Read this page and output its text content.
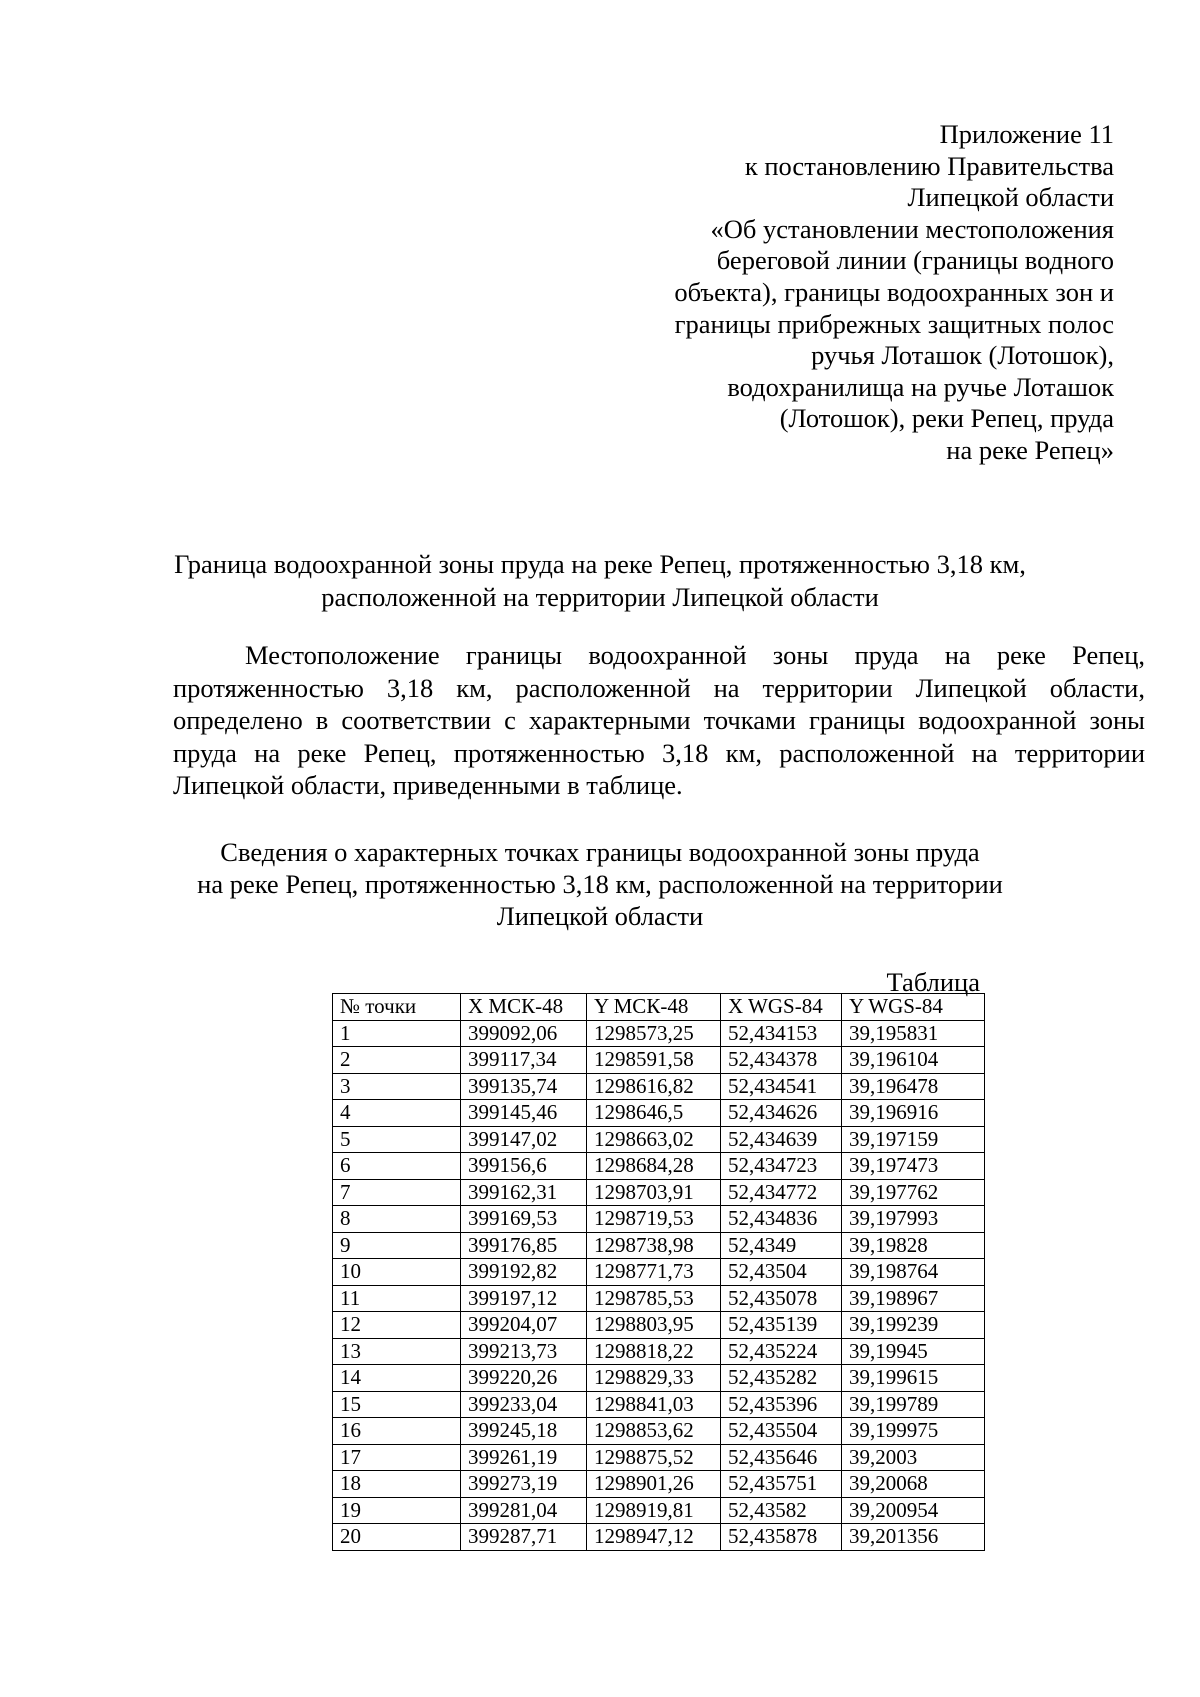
Приложение 11
к постановлению Правительства
Липецкой области
«Об установлении местоположения
береговой линии (границы водного
объекта), границы водоохранных зон и
границы прибрежных защитных полос
ручья Лоташок (Лотошок),
водохранилища на ручье Лоташок
(Лотошок), реки Репец, пруда
на реке Репец»
Граница водоохранной зоны пруда на реке Репец, протяженностью 3,18 км,
расположенной на территории Липецкой области
Местоположение границы водоохранной зоны пруда на реке Репец, протяженностью 3,18 км, расположенной на территории Липецкой области, определено в соответствии с характерными точками границы водоохранной зоны пруда на реке Репец, протяженностью 3,18 км, расположенной на территории Липецкой области, приведенными в таблице.
Сведения о характерных точках границы водоохранной зоны пруда
на реке Репец, протяженностью 3,18 км, расположенной на территории
Липецкой области
Таблица
№ точки	X МСК-48	Y МСК-48	X WGS-84	Y WGS-84
1	399092,06	1298573,25	52,434153	39,195831
2	399117,34	1298591,58	52,434378	39,196104
3	399135,74	1298616,82	52,434541	39,196478
4	399145,46	1298646,5	52,434626	39,196916
5	399147,02	1298663,02	52,434639	39,197159
6	399156,6	1298684,28	52,434723	39,197473
7	399162,31	1298703,91	52,434772	39,197762
8	399169,53	1298719,53	52,434836	39,197993
9	399176,85	1298738,98	52,4349	39,19828
10	399192,82	1298771,73	52,43504	39,198764
11	399197,12	1298785,53	52,435078	39,198967
12	399204,07	1298803,95	52,435139	39,199239
13	399213,73	1298818,22	52,435224	39,19945
14	399220,26	1298829,33	52,435282	39,199615
15	399233,04	1298841,03	52,435396	39,199789
16	399245,18	1298853,62	52,435504	39,199975
17	399261,19	1298875,52	52,435646	39,2003
18	399273,19	1298901,26	52,435751	39,20068
19	399281,04	1298919,81	52,43582	39,200954
20	399287,71	1298947,12	52,435878	39,201356
